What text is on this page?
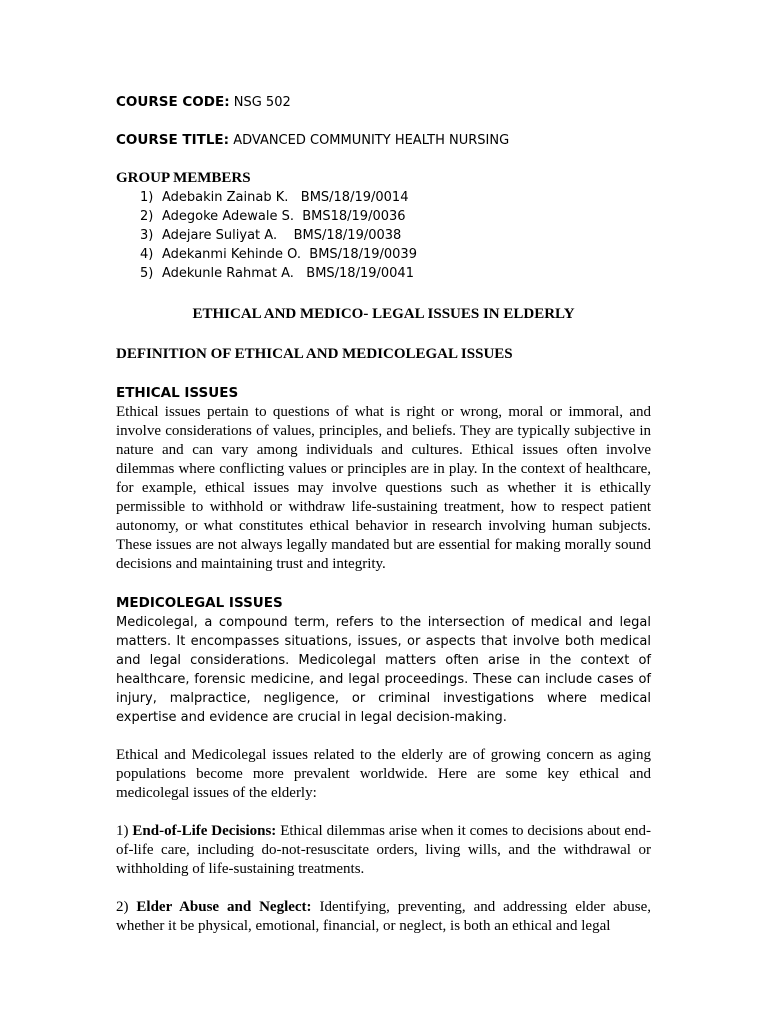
COURSE CODE: NSG 502

COURSE TITLE: ADVANCED COMMUNITY HEALTH NURSING

GROUP MEMBERS

1) Adebakin Zainab K.   BMS/18/19/0014
2) Adegoke Adewale S.  BMS18/19/0036
3) Adejare Suliyat A.    BMS/18/19/0038
4) Adekanmi Kehinde O.  BMS/18/19/0039
5) Adekunle Rahmat A.   BMS/18/19/0041

ETHICAL AND MEDICO- LEGAL ISSUES IN ELDERLY

DEFINITION OF ETHICAL AND MEDICOLEGAL ISSUES

ETHICAL ISSUES

Ethical issues pertain to questions of what is right or wrong, moral or immoral, and involve considerations of values, principles, and beliefs. They are typically subjective in nature and can vary among individuals and cultures. Ethical issues often involve dilemmas where conflicting values or principles are in play. In the context of healthcare, for example, ethical issues may involve questions such as whether it is ethically permissible to withhold or withdraw life-sustaining treatment, how to respect patient autonomy, or what constitutes ethical behavior in research involving human subjects. These issues are not always legally mandated but are essential for making morally sound decisions and maintaining trust and integrity.

MEDICOLEGAL ISSUES

Medicolegal, a compound term, refers to the intersection of medical and legal matters. It encompasses situations, issues, or aspects that involve both medical and legal considerations. Medicolegal matters often arise in the context of healthcare, forensic medicine, and legal proceedings. These can include cases of injury, malpractice, negligence, or criminal investigations where medical expertise and evidence are crucial in legal decision-making.

Ethical and Medicolegal issues related to the elderly are of growing concern as aging populations become more prevalent worldwide. Here are some key ethical and medicolegal issues of the elderly:

1) End-of-Life Decisions: Ethical dilemmas arise when it comes to decisions about end-of-life care, including do-not-resuscitate orders, living wills, and the withdrawal or withholding of life-sustaining treatments.

2) Elder Abuse and Neglect: Identifying, preventing, and addressing elder abuse, whether it be physical, emotional, financial, or neglect, is both an ethical and legal
